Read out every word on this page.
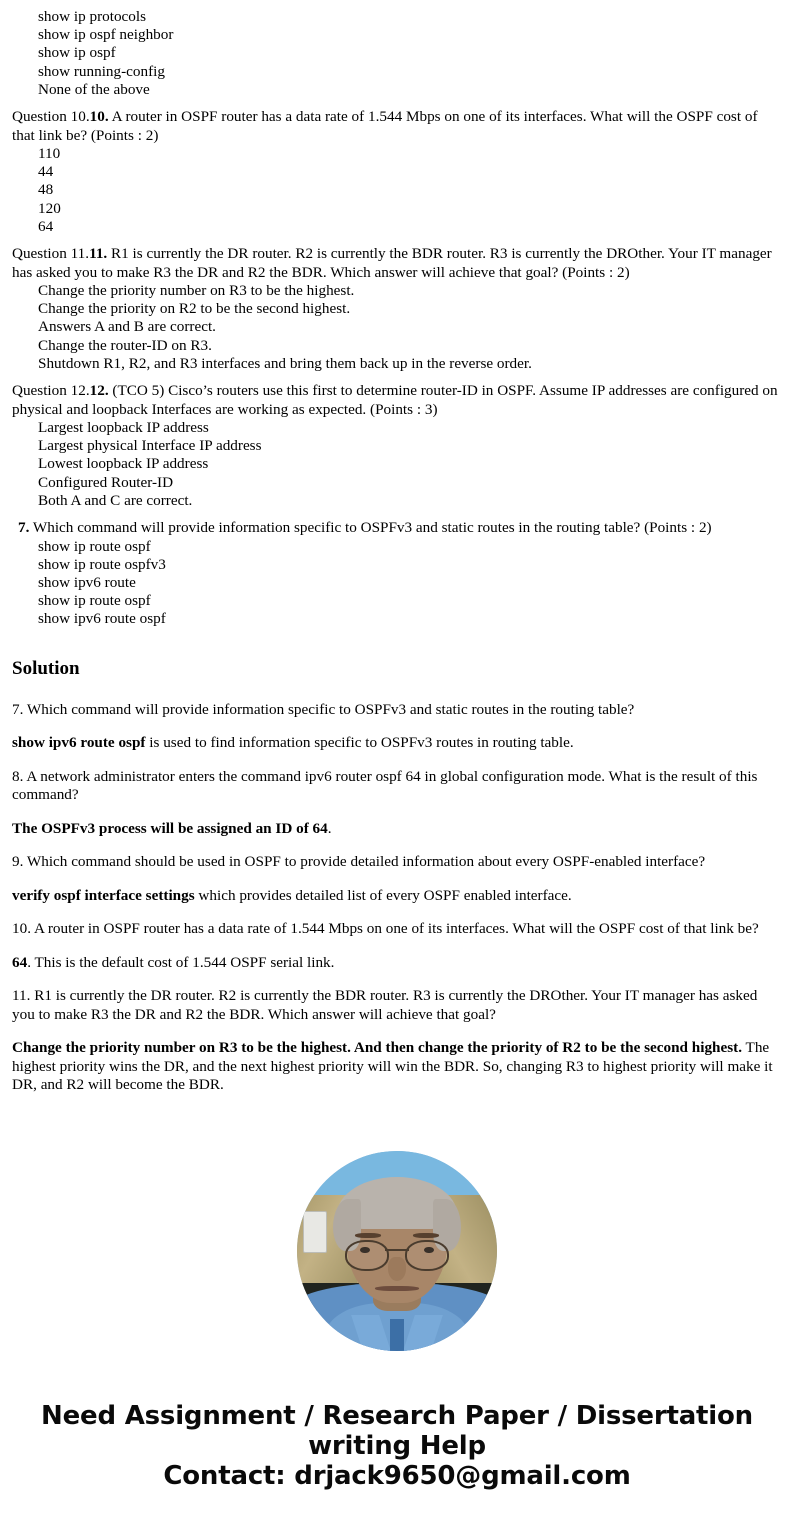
show ip protocols
show ip ospf neighbor
show ip ospf
show running-config
None of the above

Question 10.10. A router in OSPF router has a data rate of 1.544 Mbps on one of its interfaces. What will the OSPF cost of that link be? (Points : 2)

110
44
48
120
64

Question 11.11. R1 is currently the DR router. R2 is currently the BDR router. R3 is currently the DROther. Your IT manager has asked you to make R3 the DR and R2 the BDR. Which answer will achieve that goal? (Points : 2)

Change the priority number on R3 to be the highest.
Change the priority on R2 to be the second highest.
Answers A and B are correct.
Change the router-ID on R3.
Shutdown R1, R2, and R3 interfaces and bring them back up in the reverse order.

Question 12.12. (TCO 5) Cisco’s routers use this first to determine router-ID in OSPF. Assume IP addresses are configured on physical and loopback Interfaces are working as expected. (Points : 3)

Largest loopback IP address
Largest physical Interface IP address
Lowest loopback IP address
Configured Router-ID
Both A and C are correct.

7. Which command will provide information specific to OSPFv3 and static routes in the routing table? (Points : 2)

show ip route ospf
show ip route ospfv3
show ipv6 route
show ip route ospf
show ipv6 route ospf
Solution

7. Which command will provide information specific to OSPFv3 and static routes in the routing table?

show ipv6 route ospf is used to find information specific to OSPFv3 routes in routing table.

8. A network administrator enters the command ipv6 router ospf 64 in global configuration mode. What is the result of this command?

The OSPFv3 process will be assigned an ID of 64.

9. Which command should be used in OSPF to provide detailed information about every OSPF-enabled interface?

verify ospf interface settings which provides detailed list of every OSPF enabled interface.

10. A router in OSPF router has a data rate of 1.544 Mbps on one of its interfaces. What will the OSPF cost of that link be?

64. This is the default cost of 1.544 OSPF serial link.

11. R1 is currently the DR router. R2 is currently the BDR router. R3 is currently the DROther. Your IT manager has asked you to make R3 the DR and R2 the BDR. Which answer will achieve that goal?

Change the priority number on R3 to be the highest. And then change the priority of R2 to be the second highest. The highest priority wins the DR, and the next highest priority will win the BDR. So, changing R3 to highest priority will make it DR, and R2 will become the BDR.

Need Assignment / Research Paper / Dissertation writing Help
Contact: drjack9650@gmail.com
